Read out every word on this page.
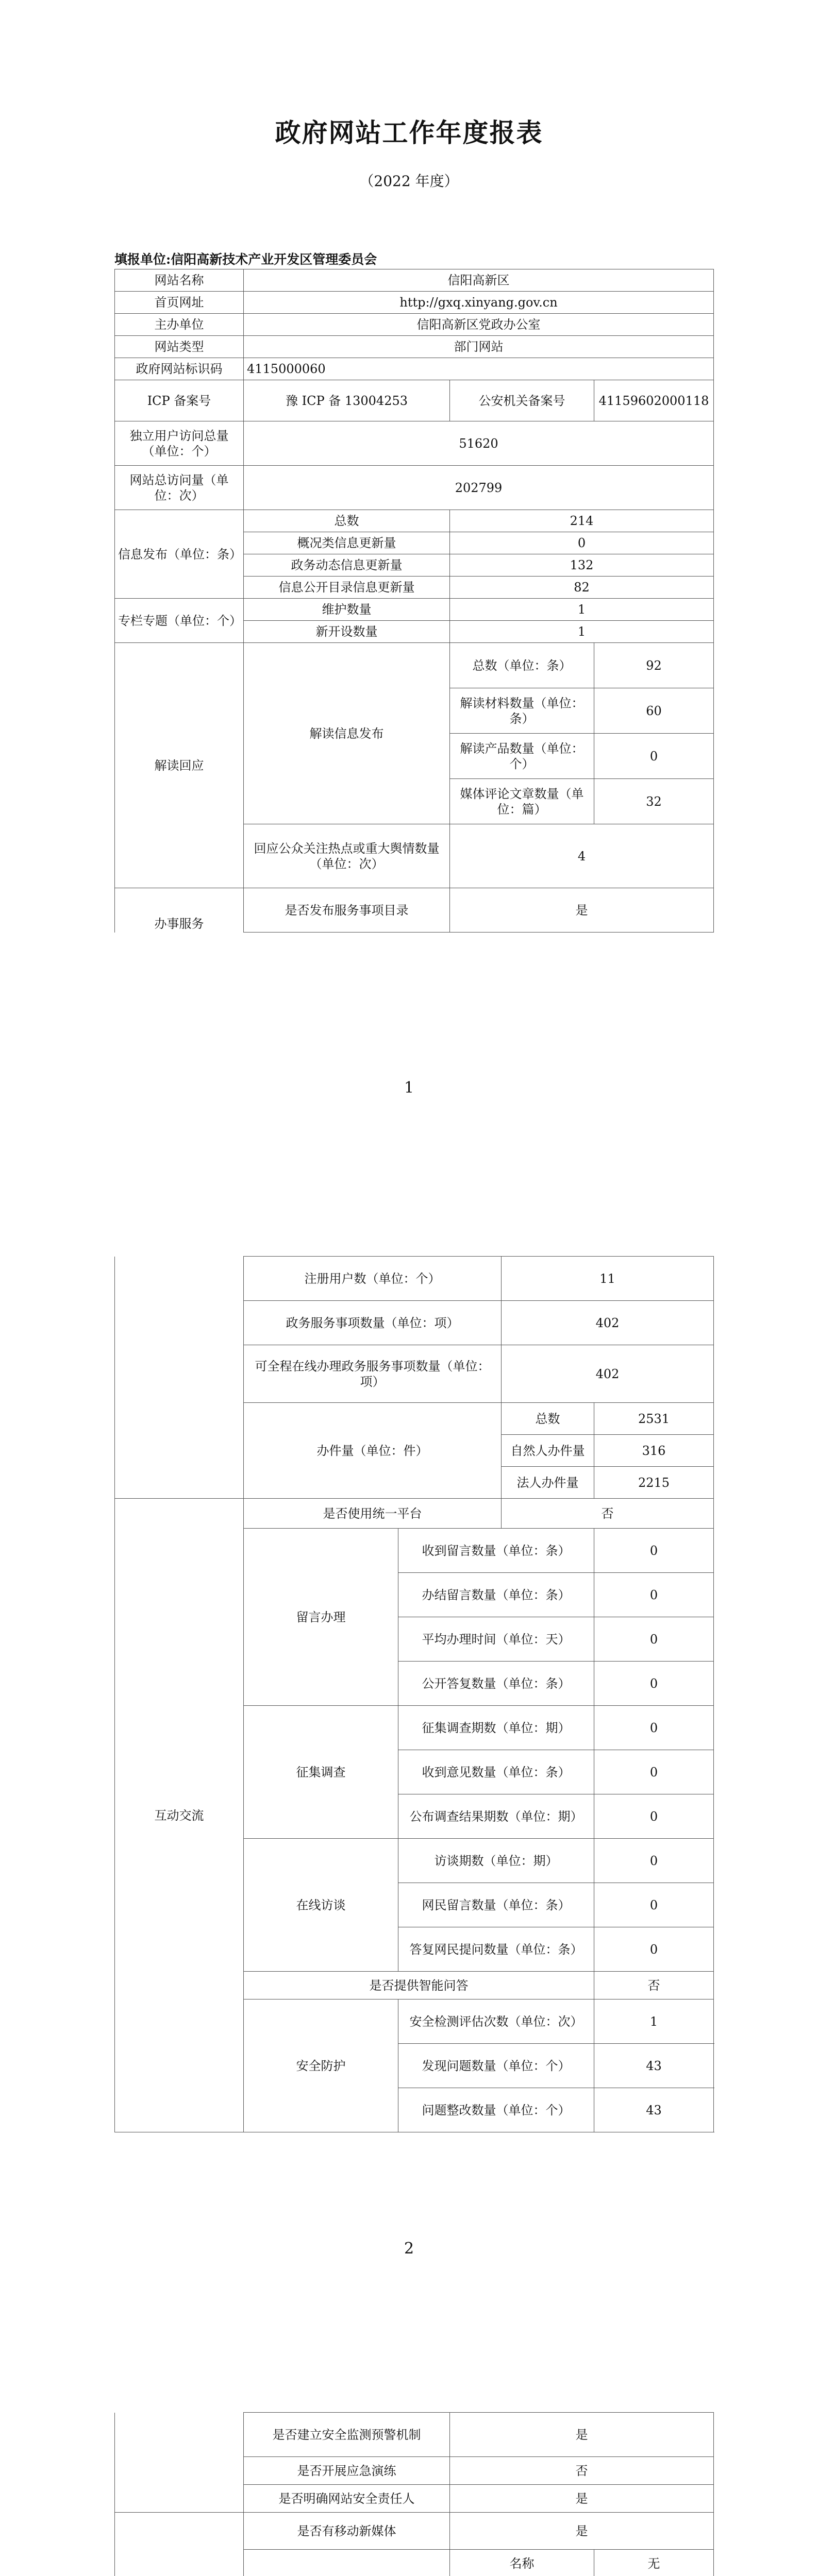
政府网站工作年度报表
（2022 年度）
填报单位:信阳高新技术产业开发区管理委员会
网站名称	信阳高新区		
首页网址	http://gxq.xinyang.gov.cn		
主办单位	信阳高新区党政办公室		
网站类型	部门网站		
政府网站标识码	4115000060		
ICP 备案号	豫 ICP 备 13004253	公安机关备案号	41159602000118
独立用户访问总量（单位：个）	51620		
网站总访问量（单位：次）	202799		
信息发布（单位：条）	总数	214	
	概况类信息更新量	0	
	政务动态信息更新量	132	
	信息公开目录信息更新量	82	
专栏专题（单位：个）	维护数量	1	
	新开设数量	1	
解读回应	解读信息发布	总数（单位：条）	92
		解读材料数量（单位：条）	60
		解读产品数量（单位：个）	0
		媒体评论文章数量（单位：篇）	32
	回应公众关注热点或重大舆情数量（单位：次）	4	
办事服务	是否发布服务事项目录	是	
1
	注册用户数（单位：个）		11	
	政务服务事项数量（单位：项）		402	
	可全程在线办理政务服务事项数量（单位：项）		402	
	办件量（单位：件）		总数	2531
			自然人办件量	316
			法人办件量	2215
互动交流	是否使用统一平台		否	
	留言办理	收到留言数量（单位：条）		0
		办结留言数量（单位：条）		0
		平均办理时间（单位：天）		0
		公开答复数量（单位：条）		0
	征集调查	征集调查期数（单位：期）		0
		收到意见数量（单位：条）		0
		公布调查结果期数（单位：期）		0
	在线访谈	访谈期数（单位：期）		0
		网民留言数量（单位：条）		0
		答复网民提问数量（单位：条）		0
	是否提供智能问答			否
	安全防护	安全检测评估次数（单位：次）		1
		发现问题数量（单位：个）		43
		问题整改数量（单位：个）		43
2
	是否建立安全监测预警机制	是	
	是否开展应急演练	否	
	是否明确网站安全责任人	是	
	是否有移动新媒体	是	
	名称	无
